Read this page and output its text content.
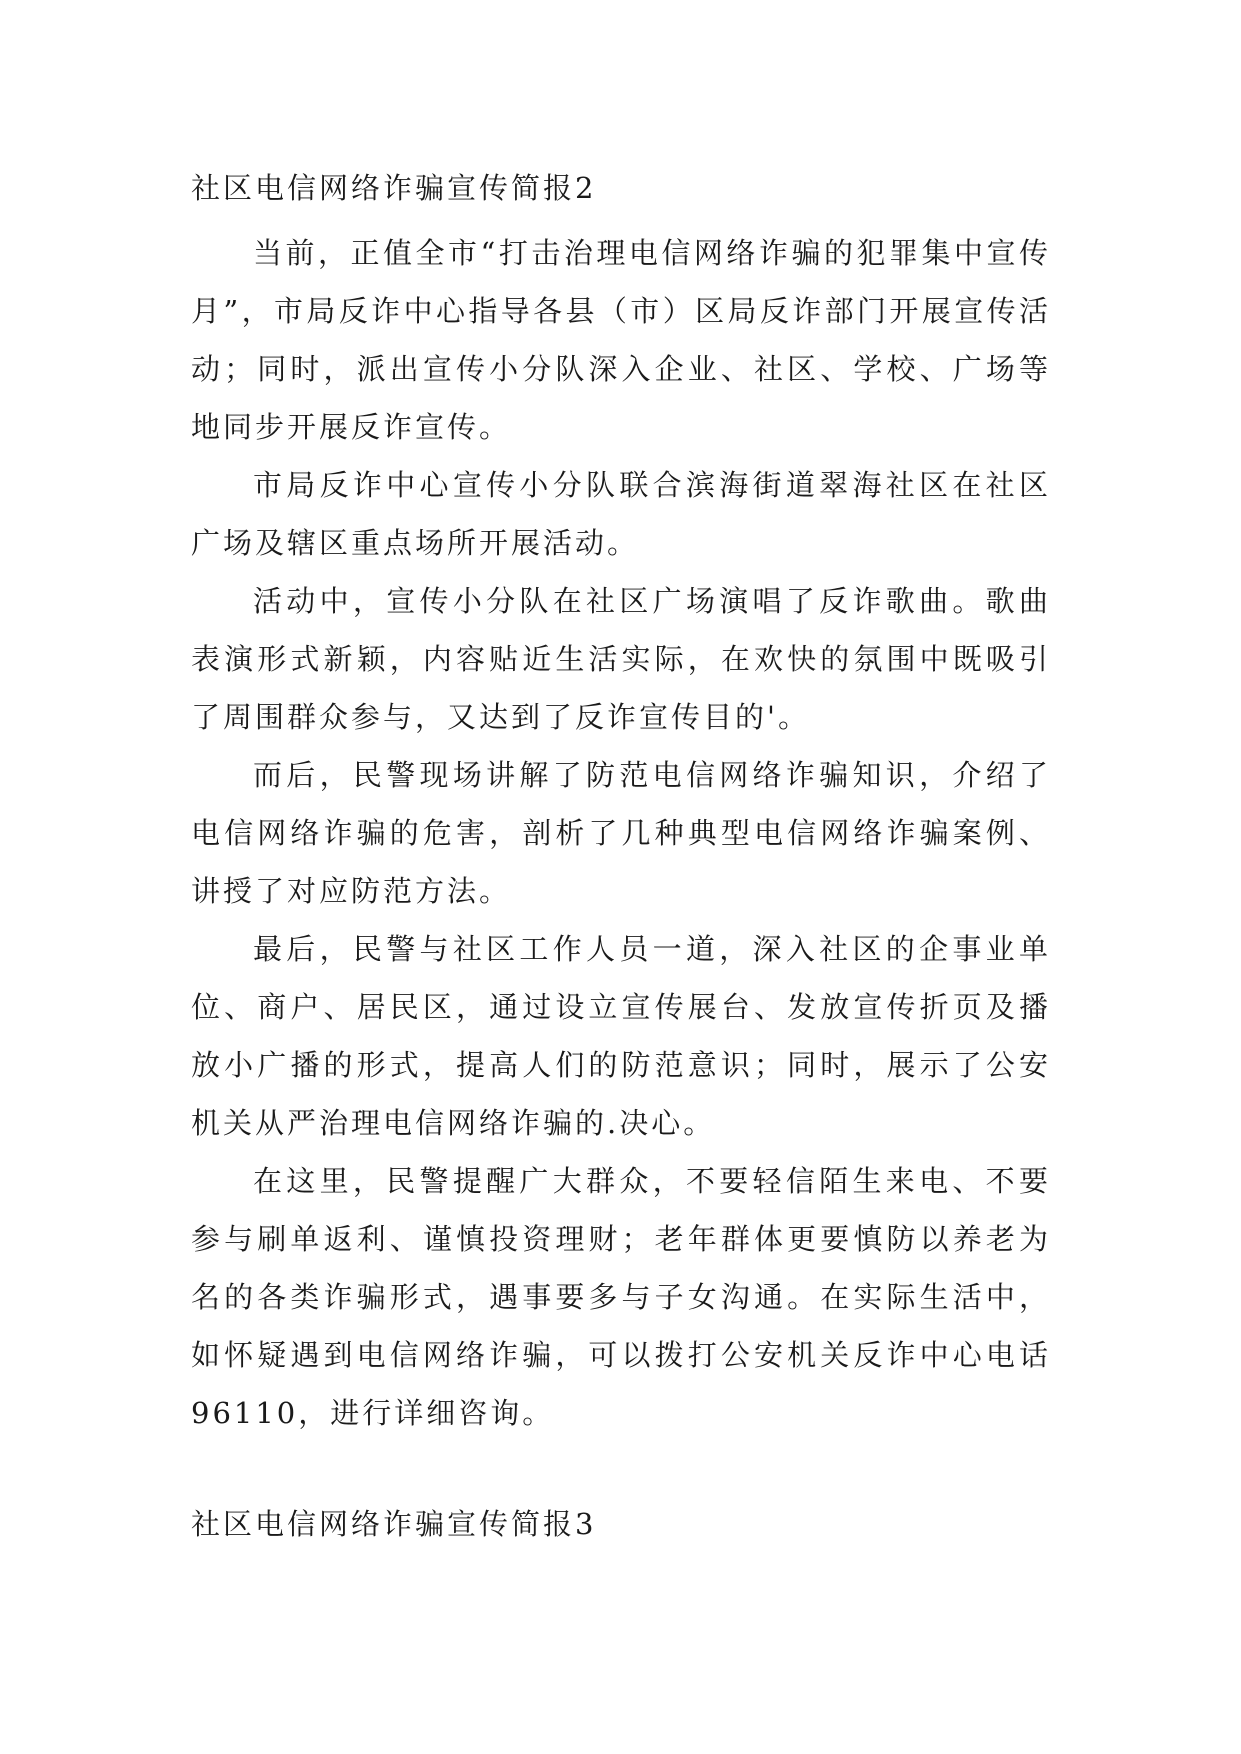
社区电信网络诈骗宣传简报2

当前，正值全市“打击治理电信网络诈骗的犯罪集中宣传月”，市局反诈中心指导各县（市）区局反诈部门开展宣传活动；同时，派出宣传小分队深入企业、社区、学校、广场等地同步开展反诈宣传。

市局反诈中心宣传小分队联合滨海街道翠海社区在社区广场及辖区重点场所开展活动。

活动中，宣传小分队在社区广场演唱了反诈歌曲。歌曲表演形式新颖，内容贴近生活实际，在欢快的氛围中既吸引了周围群众参与，又达到了反诈宣传目的'。

而后，民警现场讲解了防范电信网络诈骗知识，介绍了电信网络诈骗的危害，剖析了几种典型电信网络诈骗案例、讲授了对应防范方法。

最后，民警与社区工作人员一道，深入社区的企事业单位、商户、居民区，通过设立宣传展台、发放宣传折页及播放小广播的形式，提高人们的防范意识；同时，展示了公安机关从严治理电信网络诈骗的.决心。

在这里，民警提醒广大群众，不要轻信陌生来电、不要参与刷单返利、谨慎投资理财；老年群体更要慎防以养老为名的各类诈骗形式，遇事要多与子女沟通。在实际生活中，如怀疑遇到电信网络诈骗，可以拨打公安机关反诈中心电话96110，进行详细咨询。

社区电信网络诈骗宣传简报3
